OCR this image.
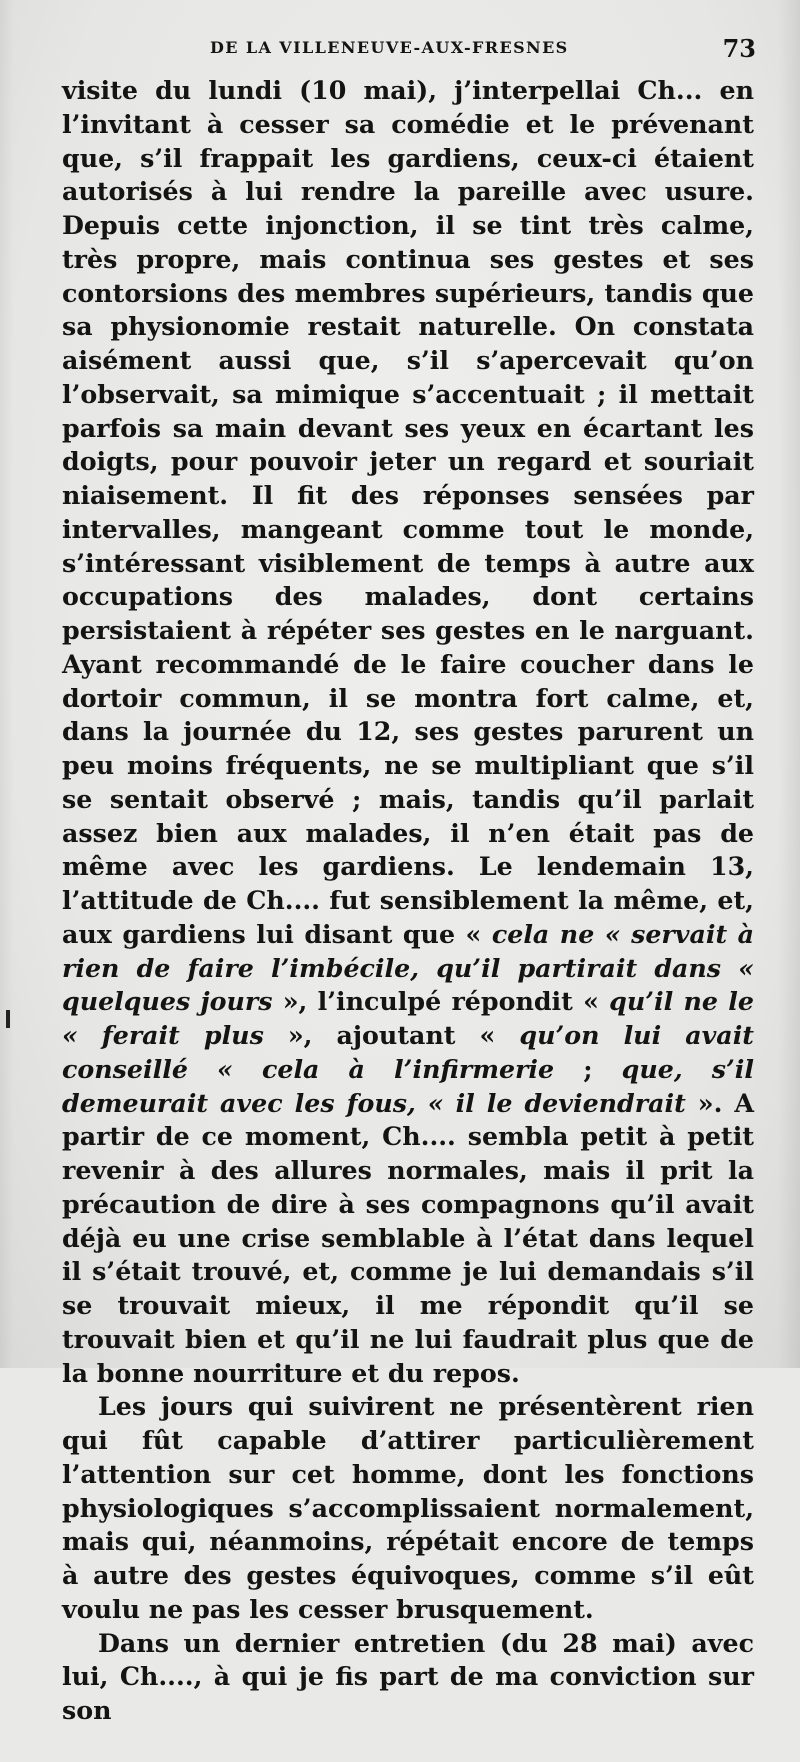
DE LA VILLENEUVE-AUX-FRESNES	73

visite du lundi (10 mai), j’interpellai Ch... en l’invitant à cesser sa comédie et le prévenant que, s’il frappait les gardiens, ceux-ci étaient autorisés à lui rendre la pareille avec usure. Depuis cette injonction, il se tint très calme, très propre, mais continua ses gestes et ses contorsions des membres supérieurs, tandis que sa physionomie restait naturelle. On constata aisément aussi que, s’il s’apercevait qu’on l’observait, sa mimique s’accentuait ; il mettait parfois sa main devant ses yeux en écartant les doigts, pour pouvoir jeter un regard et souriait niaisement. Il fit des réponses sensées par intervalles, mangeant comme tout le monde, s’intéressant visiblement de temps à autre aux occupations des malades, dont certains persistaient à répéter ses gestes en le narguant. Ayant recommandé de le faire coucher dans le dortoir commun, il se montra fort calme, et, dans la journée du 12, ses gestes parurent un peu moins fréquents, ne se multipliant que s’il se sentait observé ; mais, tandis qu’il parlait assez bien aux malades, il n’en était pas de même avec les gardiens. Le lendemain 13, l’attitude de Ch.... fut sensiblement la même, et, aux gardiens lui disant que « cela ne « servait à rien de faire l’imbécile, qu’il partirait dans « quelques jours », l’inculpé répondit « qu’il ne le « ferait plus », ajoutant « qu’on lui avait conseillé « cela à l’infirmerie ; que, s’il demeurait avec les fous, « il le deviendrait ». A partir de ce moment, Ch.... sembla petit à petit revenir à des allures normales, mais il prit la précaution de dire à ses compagnons qu’il avait déjà eu une crise semblable à l’état dans lequel il s’était trouvé, et, comme je lui demandais s’il se trouvait mieux, il me répondit qu’il se trouvait bien et qu’il ne lui faudrait plus que de la bonne nourriture et du repos.

Les jours qui suivirent ne présentèrent rien qui fût capable d’attirer particulièrement l’attention sur cet homme, dont les fonctions physiologiques s’accomplissaient normalement, mais qui, néanmoins, répétait encore de temps à autre des gestes équivoques, comme s’il eût voulu ne pas les cesser brusquement.

Dans un dernier entretien (du 28 mai) avec lui, Ch...., à qui je fis part de ma conviction sur son
